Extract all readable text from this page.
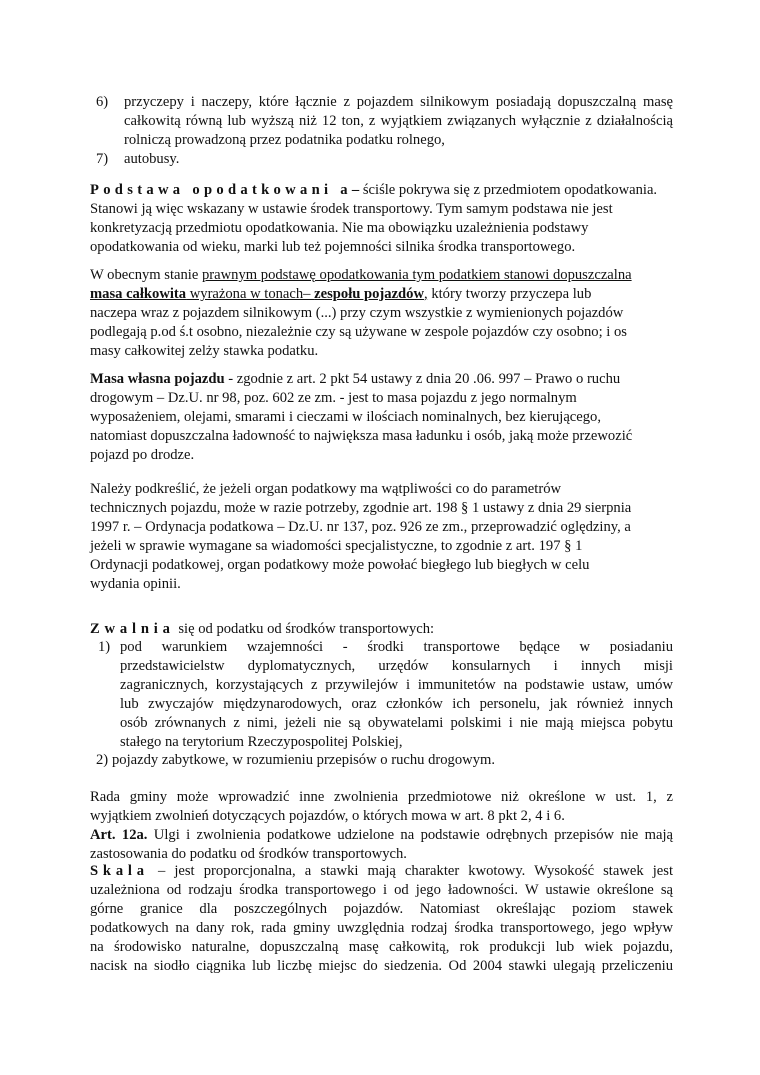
6) przyczepy i naczepy, które łącznie z pojazdem silnikowym posiadają dopuszczalną masę całkowitą równą lub wyższą niż 12 ton, z wyjątkiem związanych wyłącznie z działalnością rolniczą prowadzoną przez podatnika podatku rolnego,
7) autobusy.
Podstawa opodatkowani a– ściśle pokrywa się z przedmiotem opodatkowania.
Stanowi ją więc wskazany w ustawie środek transportowy. Tym samym podstawa nie jest
konkretyzacją przedmiotu opodatkowania. Nie ma obowiązku uzależnienia podstawy
opodatkowania od wieku, marki lub też pojemności silnika środka transportowego.
W obecnym stanie prawnym podstawę opodatkowania tym podatkiem stanowi dopuszczalna
masa całkowita wyrażona w tonach– zespołu pojazdów, który tworzy przyczepa lub
naczepa wraz z pojazdem silnikowym (...) przy czym wszystkie z wymienionych pojazdów
podlegają p.od ś.t osobno, niezależnie czy są używane w zespole pojazdów czy osobno; i os
masy całkowitej zelży stawka podatku.
Masa własna pojazdu - zgodnie z art. 2 pkt 54 ustawy z dnia 20 .06. 997 – Prawo o ruchu
drogowym – Dz.U. nr 98, poz. 602 ze zm. - jest to masa pojazdu z jego normalnym
wyposażeniem, olejami, smarami i cieczami w ilościach nominalnych, bez kierującego,
natomiast dopuszczalna ładowność to największa masa ładunku i osób, jaką może przewozić
pojazd po drodze.
Należy podkreślić, że jeżeli organ podatkowy ma wątpliwości co do parametrów
technicznych pojazdu, może w razie potrzeby, zgodnie art. 198 § 1 ustawy z dnia 29 sierpnia
1997 r. – Ordynacja podatkowa – Dz.U. nr 137, poz. 926 ze zm., przeprowadzić oględziny, a
jeżeli w sprawie wymagane sa wiadomości specjalistyczne, to zgodnie z art. 197 § 1
Ordynacji podatkowej, organ podatkowy może powołać biegłego lub biegłych w celu
wydania opinii.
Zwalnia się od podatku od środków transportowych:
1) pod warunkiem wzajemności - środki transportowe będące w posiadaniu
przedstawicielstw dyplomatycznych, urzędów konsularnych i innych misji
zagranicznych, korzystających z przywilejów i immunitetów na podstawie ustaw, umów
lub zwyczajów międzynarodowych, oraz członków ich personelu, jak również innych
osób zrównanych z nimi, jeżeli nie są obywatelami polskimi i nie mają miejsca pobytu
stałego na terytorium Rzeczypospolitej Polskiej,
2) pojazdy zabytkowe, w rozumieniu przepisów o ruchu drogowym.
Rada gminy może wprowadzić inne zwolnienia przedmiotowe niż określone w ust. 1, z
wyjątkiem zwolnień dotyczących pojazdów, o których mowa w art. 8 pkt 2, 4 i 6.
Art. 12a. Ulgi i zwolnienia podatkowe udzielone na podstawie odrębnych przepisów nie mają
zastosowania do podatku od środków transportowych.
Skala – jest proporcjonalna, a stawki mają charakter kwotowy. Wysokość stawek jest
uzależniona od rodzaju środka transportowego i od jego ładowności. W ustawie określone są
górne granice dla poszczególnych pojazdów. Natomiast określając poziom stawek
podatkowych na dany rok, rada gminy uwzględnia rodzaj środka transportowego, jego wpływ
na środowisko naturalne, dopuszczalną masę całkowitą, rok produkcji lub wiek pojazdu,
nacisk na siodło ciągnika lub liczbę miejsc do siedzenia. Od 2004 stawki ulegają przeliczeniu
